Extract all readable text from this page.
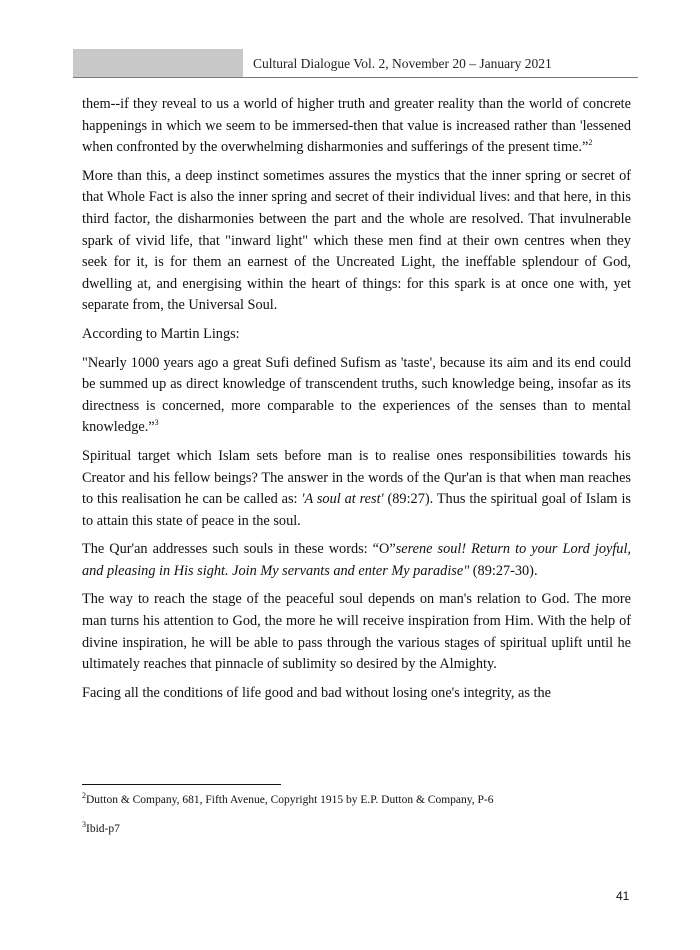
Cultural Dialogue Vol. 2, November 20 – January 2021

them--if they reveal to us a world of higher truth and greater reality than the world of concrete happenings in which we seem to be immersed-then that value is increased rather than 'lessened when confronted by the overwhelming disharmonies and sufferings of the present time.”$^2$

More than this, a deep instinct sometimes assures the mystics that the inner spring or secret of that Whole Fact is also the inner spring and secret of their individual lives: and that here, in this third factor, the disharmonies between the part and the whole are resolved. That invulnerable spark of vivid life, that "inward light" which these men find at their own centres when they seek for it, is for them an earnest of the Uncreated Light, the ineffable splendour of God, dwelling at, and energising within the heart of things: for this spark is at once one with, yet separate from, the Universal Soul.

According to Martin Lings:

"Nearly 1000 years ago a great Sufi defined Sufism as 'taste', because its aim and its end could be summed up as direct knowledge of transcendent truths, such knowledge being, insofar as its directness is concerned, more comparable to the experiences of the senses than to mental knowledge.”$^3$

Spiritual target which Islam sets before man is to realise ones responsibilities towards his Creator and his fellow beings? The answer in the words of the Qur'an is that when man reaches to this realisation he can be called as: 'A soul at rest' (89:27). Thus the spiritual goal of Islam is to attain this state of peace in the soul.

The Qur'an addresses such souls in these words: “O”serene soul! Return to your Lord joyful, and pleasing in His sight. Join My servants and enter My paradise" (89:27-30).

The way to reach the stage of the peaceful soul depends on man's relation to God. The more man turns his attention to God, the more he will receive inspiration from Him. With the help of divine inspiration, he will be able to pass through the various stages of spiritual uplift until he ultimately reaches that pinnacle of sublimity so desired by the Almighty.

Facing all the conditions of life good and bad without losing one's integrity, as the

$^2$Dutton & Company, 681, Fifth Avenue, Copyright 1915 by E.P. Dutton & Company, P-6
$^3$Ibid-p7
41
